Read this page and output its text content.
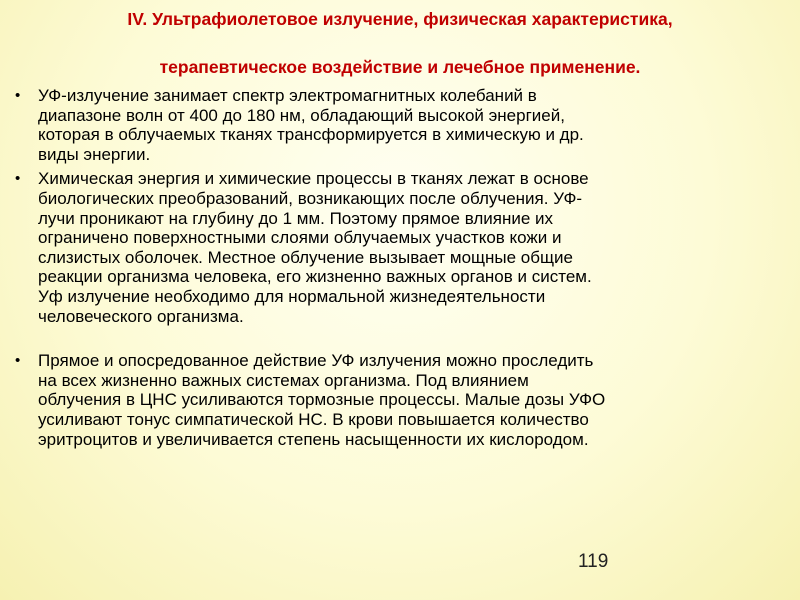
IV. Ультрафиолетовое излучение, физическая характеристика,
терапевтическое воздействие и лечебное применение.
• УФ-излучение занимает спектр электромагнитных колебаний в
диапазоне волн от 400 до 180 нм, обладающий высокой энергией,
которая в облучаемых тканях трансформируется в химическую и др.
виды энергии.
• Химическая энергия и химические процессы в тканях лежат в основе
биологических преобразований, возникающих после облучения. УФ-
лучи проникают на глубину до 1 мм. Поэтому прямое влияние их
ограничено поверхностными слоями облучаемых участков кожи и
слизистых оболочек. Местное облучение вызывает мощные общие
реакции организма человека, его жизненно важных органов и систем.
Уф излучение необходимо для нормальной жизнедеятельности
человеческого организма.
• Прямое и опосредованное действие УФ излучения можно проследить
на всех жизненно важных системах организма. Под влиянием
облучения в ЦНС усиливаются тормозные процессы. Малые дозы УФО
усиливают тонус симпатической НС. В крови повышается количество
эритроцитов и увеличивается степень насыщенности их кислородом.
119
